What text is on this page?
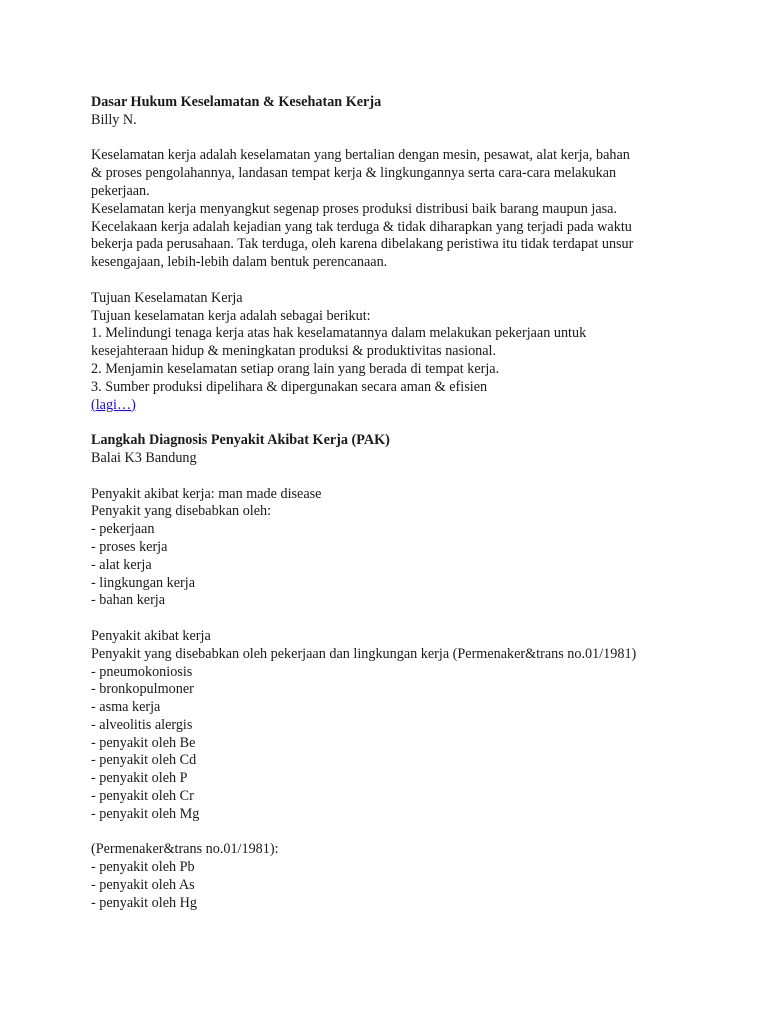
Dasar Hukum Keselamatan & Kesehatan Kerja
Billy N.
Keselamatan kerja adalah keselamatan yang bertalian dengan mesin, pesawat, alat kerja, bahan
& proses pengolahannya, landasan tempat kerja & lingkungannya serta cara-cara melakukan
pekerjaan.
Keselamatan kerja menyangkut segenap proses produksi distribusi baik barang maupun jasa.
Kecelakaan kerja adalah kejadian yang tak terduga & tidak diharapkan yang terjadi pada waktu
bekerja pada perusahaan. Tak terduga, oleh karena dibelakang peristiwa itu tidak terdapat unsur
kesengajaan, lebih-lebih dalam bentuk perencanaan.
Tujuan Keselamatan Kerja
Tujuan keselamatan kerja adalah sebagai berikut:
1. Melindungi tenaga kerja atas hak keselamatannya dalam melakukan pekerjaan untuk
kesejahteraan hidup & meningkatan produksi & produktivitas nasional.
2. Menjamin keselamatan setiap orang lain yang berada di tempat kerja.
3. Sumber produksi dipelihara & dipergunakan secara aman & efisien
(lagi…)
Langkah Diagnosis Penyakit Akibat Kerja (PAK)
Balai K3 Bandung
Penyakit akibat kerja: man made disease
Penyakit yang disebabkan oleh:
- pekerjaan
- proses kerja
- alat kerja
- lingkungan kerja
- bahan kerja
Penyakit akibat kerja
Penyakit yang disebabkan oleh pekerjaan dan lingkungan kerja (Permenaker&trans no.01/1981)
- pneumokoniosis
- bronkopulmoner
- asma kerja
- alveolitis alergis
- penyakit oleh Be
- penyakit oleh Cd
- penyakit oleh P
- penyakit oleh Cr
- penyakit oleh Mg
(Permenaker&trans no.01/1981):
- penyakit oleh Pb
- penyakit oleh As
- penyakit oleh Hg
